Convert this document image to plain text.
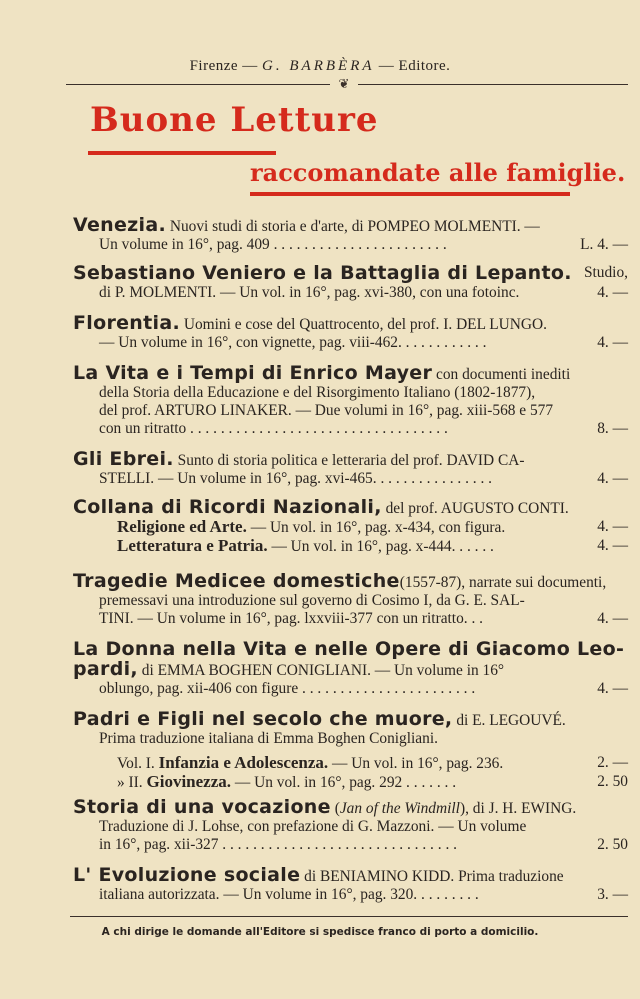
Firenze — G. BARBÈRA — Editore.
❦
Buone Letture
raccomandate alle famiglie.
Venezia. Nuovi studi di storia e d'arte, di POMPEO MOLMENTI. —
L. 4. —
Un volume in 16°, pag. 409 . . . . . . . . . . . . . . . . . . . . . . .
Studio,
Sebastiano Veniero e la Battaglia di Lepanto.
4. —
di P. MOLMENTI. — Un vol. in 16°, pag. xvi-380, con una fotoinc.
Florentia. Uomini e cose del Quattrocento, del prof. I. DEL LUNGO.
4. —
— Un volume in 16°, con vignette, pag. viii-462. . . . . . . . . . . .
La Vita e i Tempi di Enrico Mayer con documenti inediti
della Storia della Educazione e del Risorgimento Italiano (1802-1877),
del prof. ARTURO LINAKER. — Due volumi in 16°, pag. xiii-568 e 577
8. —
con un ritratto . . . . . . . . . . . . . . . . . . . . . . . . . . . . . . . . . .
Gli Ebrei. Sunto di storia politica e letteraria del prof. DAVID CA-
4. —
STELLI. — Un volume in 16°, pag. xvi-465. . . . . . . . . . . . . . . .
Collana di Ricordi Nazionali, del prof. AUGUSTO CONTI.
4. —
Religione ed Arte. — Un vol. in 16°, pag. x-434, con figura.
4. —
Letteratura e Patria. — Un vol. in 16°, pag. x-444. . . . . .
Tragedie Medicee domestiche(1557-87), narrate sui documenti,
premessavi una introduzione sul governo di Cosimo I, da G. E. SAL-
4. —
TINI. — Un volume in 16°, pag. lxxviii-377 con un ritratto. . .
La Donna nella Vita e nelle Opere di Giacomo Leo-
pardi, di EMMA BOGHEN CONIGLIANI. — Un volume in 16°
4. —
oblungo, pag. xii-406 con figure . . . . . . . . . . . . . . . . . . . . . . .
Padri e Figli nel secolo che muore, di E. LEGOUVÉ.
Prima traduzione italiana di Emma Boghen Conigliani.
2. —
Vol. I. Infanzia e Adolescenza. — Un vol. in 16°, pag. 236.
2. 50
» II. Giovinezza. — Un vol. in 16°, pag. 292 . . . . . . .
Storia di una vocazione (Jan of the Windmill), di J. H. EWING.
Traduzione di J. Lohse, con prefazione di G. Mazzoni. — Un volume
2. 50
in 16°, pag. xii-327 . . . . . . . . . . . . . . . . . . . . . . . . . . . . . . .
L' Evoluzione sociale di BENIAMINO KIDD. Prima traduzione
3. —
italiana autorizzata. — Un volume in 16°, pag. 320. . . . . . . . .
A chi dirige le domande all'Editore si spedisce franco di porto a domicilio.
